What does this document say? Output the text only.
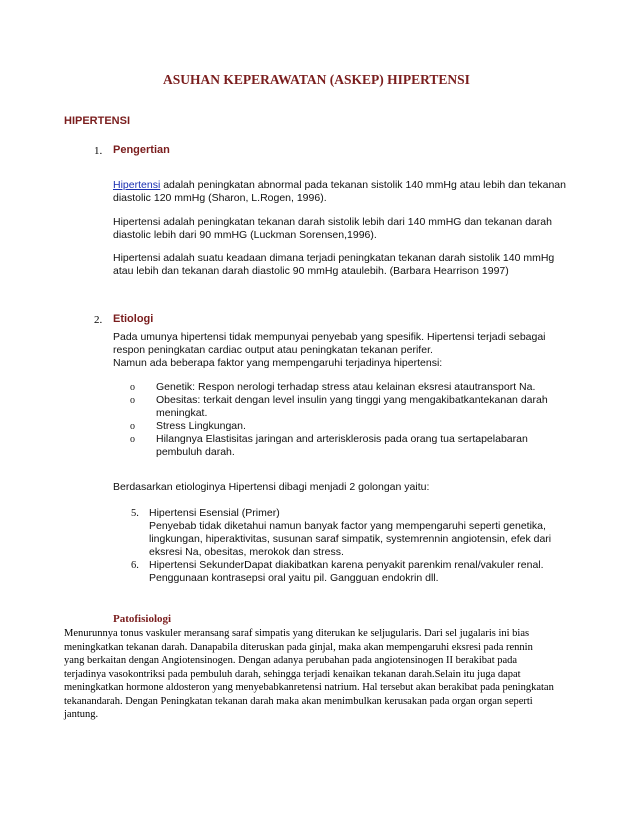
ASUHAN KEPERAWATAN (ASKEP) HIPERTENSI
HIPERTENSI
1. Pengertian

Hipertensi adalah peningkatan abnormal pada tekanan sistolik 140 mmHg atau lebih dan tekanan diastolic 120 mmHg (Sharon, L.Rogen, 1996).

Hipertensi adalah peningkatan tekanan darah sistolik lebih dari 140 mmHG dan tekanan darah diastolic lebih dari 90 mmHG (Luckman Sorensen,1996).

Hipertensi adalah suatu keadaan dimana terjadi peningkatan tekanan darah sistolik 140 mmHg atau lebih dan tekanan darah diastolic 90 mmHg ataulebih. (Barbara Hearrison 1997)

2. Etiologi

Pada umunya hipertensi tidak mempunyai penyebab yang spesifik. Hipertensi terjadi sebagai respon peningkatan cardiac output atau peningkatan tekanan perifer.

Namun ada beberapa faktor yang mempengaruhi terjadinya hipertensi:

o Genetik: Respon nerologi terhadap stress atau kelainan eksresi atautransport Na.
o Obesitas: terkait dengan level insulin yang tinggi yang mengakibatkantekanan darah meningkat.
o Stress Lingkungan.
o Hilangnya Elastisitas jaringan and arterisklerosis pada orang tua sertapelabaran pembuluh darah.

Berdasarkan etiologinya Hipertensi dibagi menjadi 2 golongan yaitu:

5. Hipertensi Esensial (Primer)
Penyebab tidak diketahui namun banyak factor yang mempengaruhi seperti genetika, lingkungan, hiperaktivitas, susunan saraf simpatik, systemrennin angiotensin, efek dari eksresi Na, obesitas, merokok dan stress.
6. Hipertensi SekunderDapat diakibatkan karena penyakit parenkim renal/vakuler renal.
Penggunaan kontrasepsi oral yaitu pil. Gangguan endokrin dll.
Patofisiologi
Menurunnya tonus vaskuler meransang saraf simpatis yang diterukan ke seljugularis. Dari sel jugalaris ini bias
meningkatkan tekanan darah. Danapabila diteruskan pada ginjal, maka akan mempengaruhi eksresi pada rennin
yang berkaitan dengan Angiotensinogen. Dengan adanya perubahan pada angiotensinogen II berakibat pada
terjadinya vasokontriksi pada pembuluh darah, sehingga terjadi kenaikan tekanan darah.Selain itu juga dapat
meningkatkan hormone aldosteron yang menyebabkanretensi natrium. Hal tersebut akan berakibat pada peningkatan
tekanandarah. Dengan Peningkatan tekanan darah maka akan menimbulkan kerusakan pada organ organ seperti
jantung.
